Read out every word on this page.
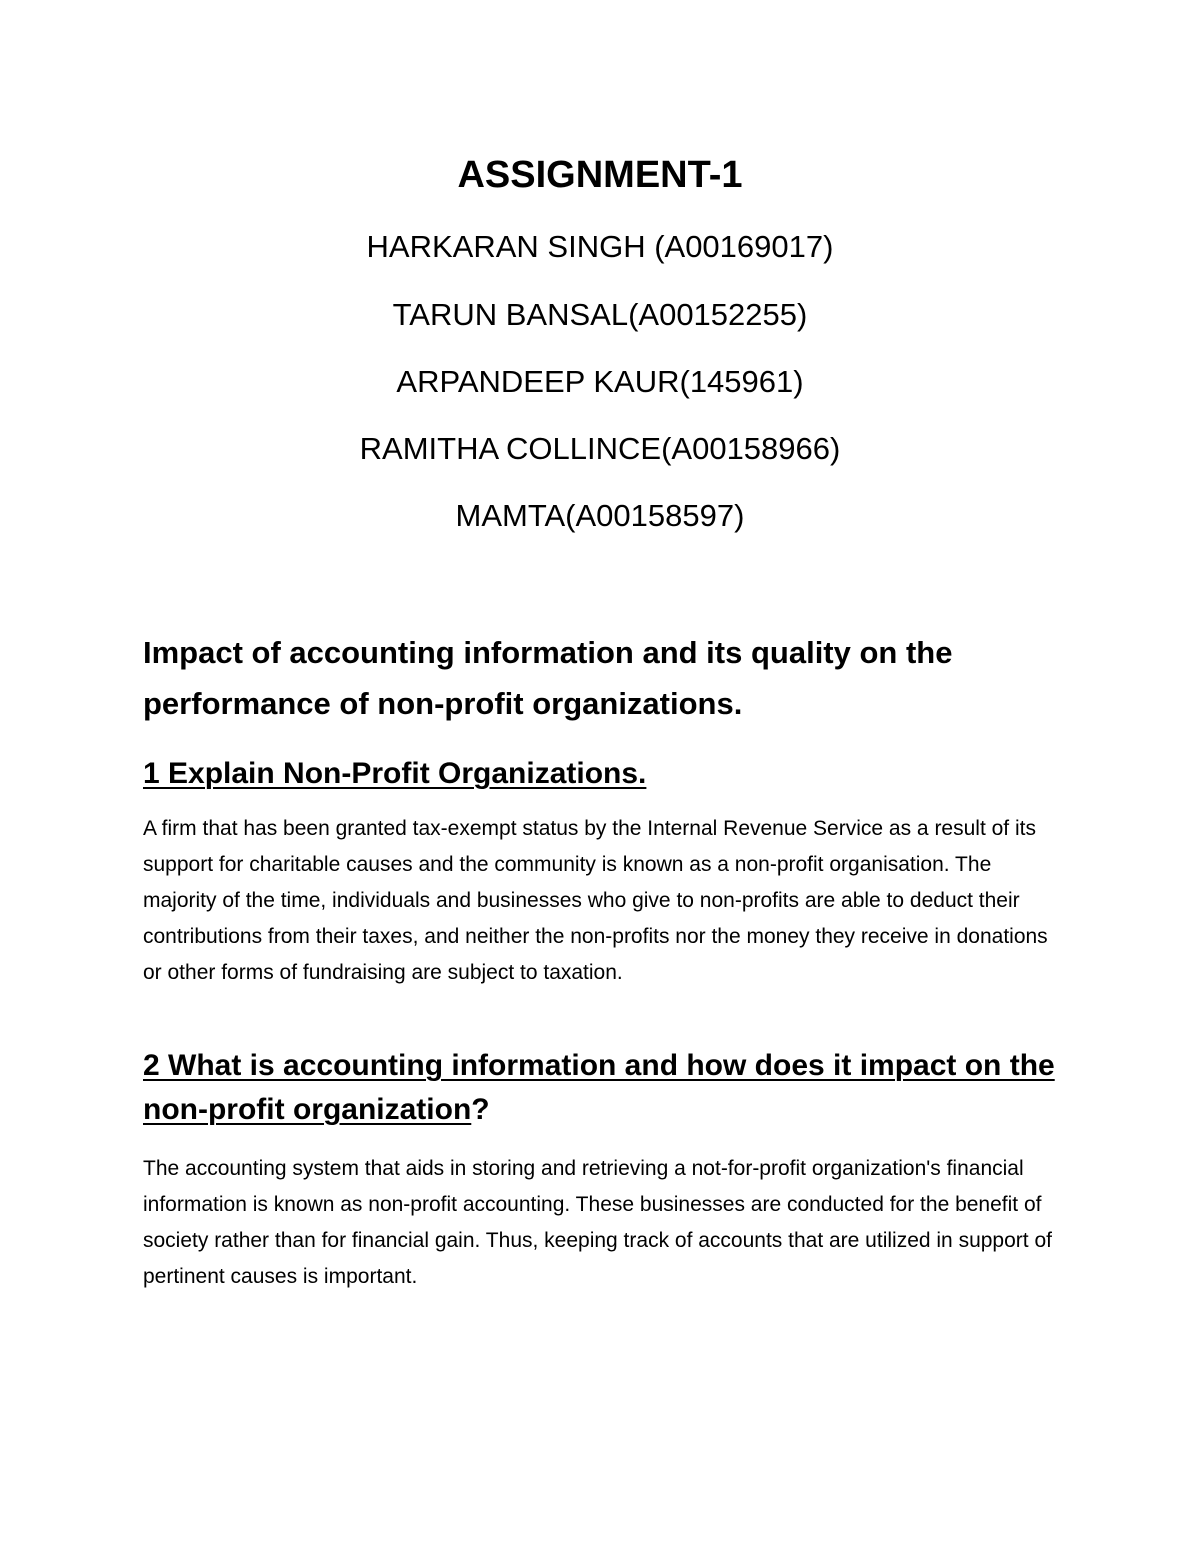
ASSIGNMENT-1

HARKARAN SINGH (A00169017)

TARUN BANSAL(A00152255)

ARPANDEEP KAUR(145961)

RAMITHA COLLINCE(A00158966)

MAMTA(A00158597)

Impact of accounting information and its quality on the performance of non-profit organizations.
1 Explain Non-Profit Organizations.

A firm that has been granted tax-exempt status by the Internal Revenue Service as a result of its support for charitable causes and the community is known as a non-profit organisation. The majority of the time, individuals and businesses who give to non-profits are able to deduct their contributions from their taxes, and neither the non-profits nor the money they receive in donations or other forms of fundraising are subject to taxation.

2 What is accounting information and how does it impact on the non-profit organization?

The accounting system that aids in storing and retrieving a not-for-profit organization's financial information is known as non-profit accounting. These businesses are conducted for the benefit of society rather than for financial gain. Thus, keeping track of accounts that are utilized in support of pertinent causes is important.
